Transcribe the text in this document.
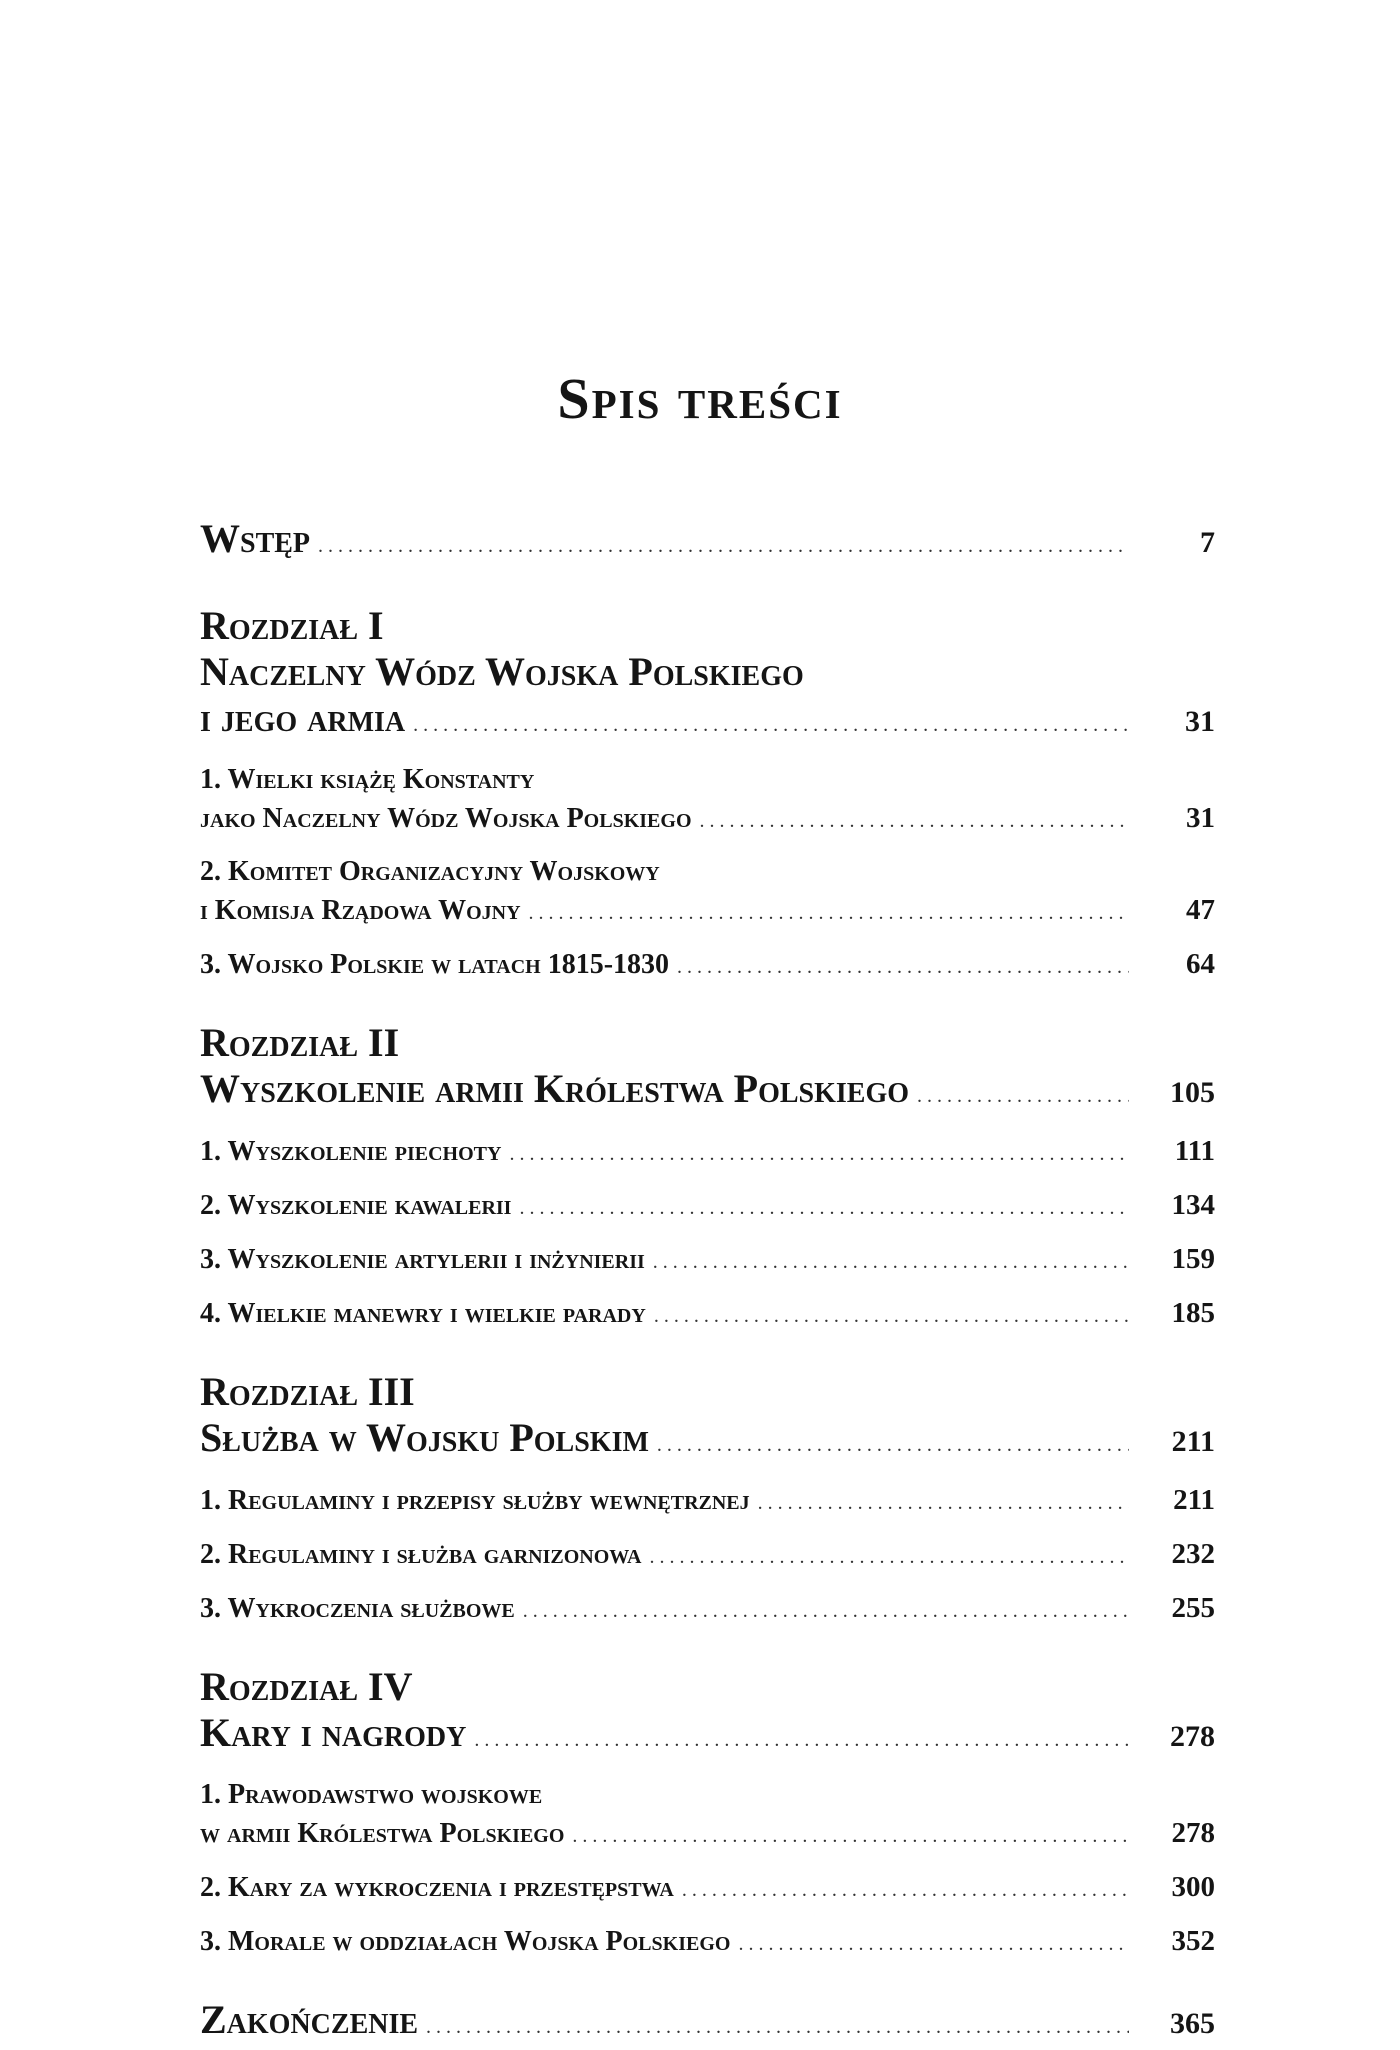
Spis treści
Wstęp . . .	7
Rozdział I
Naczelny Wódz Wojska Polskiego
i jego armia . . .	31
1. Wielki książę Konstanty
jako Naczelny Wódz Wojska Polskiego . . .	31
2. Komitet Organizacyjny Wojskowy
i Komisja Rządowa Wojny . . .	47
3. Wojsko Polskie w latach 1815-1830 . . .	64
Rozdział II
Wyszkolenie armii Królestwa Polskiego . . .	105
1. Wyszkolenie piechoty . . .	111
2. Wyszkolenie kawalerii . . .	134
3. Wyszkolenie artylerii i inżynierii . . .	159
4. Wielkie manewry i wielkie parady . . .	185
Rozdział III
Służba w Wojsku Polskim . . .	211
1. Regulaminy i przepisy służby wewnętrznej . . .	211
2. Regulaminy i służba garnizonowa . . .	232
3. Wykroczenia służbowe . . .	255
Rozdział IV
Kary i nagrody . . .	278
1. Prawodawstwo wojskowe
w armii Królestwa Polskiego . . .	278
2. Kary za wykroczenia i przestępstwa . . .	300
3. Morale w oddziałach Wojska Polskiego . . .	352
Zakończenie . . .	365
